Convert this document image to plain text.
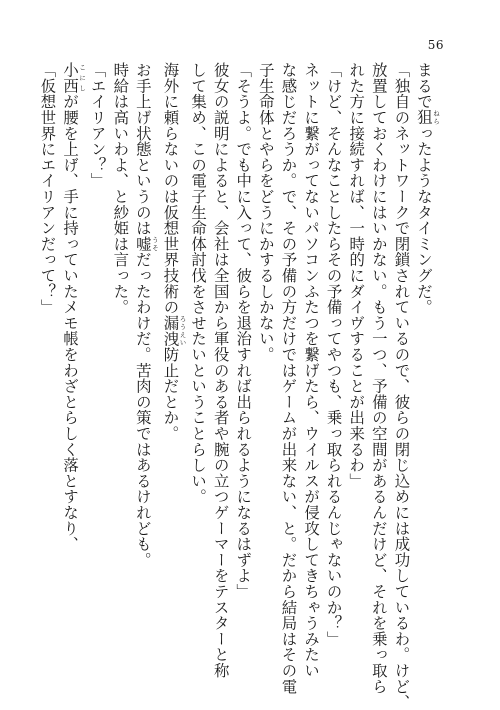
56
まるで狙 ねらったようなタイミングだ。
「独自のネットワークで閉鎖されているので、彼らの閉じ込めには成功しているわ。けど、
放置しておくわけにはいかない。もう一つ、予備の空間があるんだけど、それを乗っ取ら
れた方に接続すれば、一時的にダイヴすることが出来るわ」
「けど、そんなことしたらその予備ってやつも、乗っ取られるんじゃないのか？」
ネットに繋がってないパソコンふたつを繋げたら、ウイルスが侵攻してきちゃうみたい
な感じだろうか。で、その予備の方だけではゲームが出来ない、と。だから結局はその電
子生命体とやらをどうにかするしかない。
「そうよ。でも中に入って、彼らを退治すれば出られるようになるはずよ」
彼女の説明によると、会社は全国から軍役のある者や腕の立つゲーマーをテスターと称
して集め、この電子生命体討伐をさせたいということらしい。
海外に頼らないのは仮想世界技術の漏洩 ろうえい防止だとか。
お手上げ状態というのは嘘 うそだったわけだ。苦肉の策ではあるけれども。
時給は高いわよ、と紗姫は言った。
「エイリアン？」
小西 こにしが腰を上げ、手に持っていたメモ帳をわざとらしく落とすなり、
「仮想世界にエイリアンだって？」
